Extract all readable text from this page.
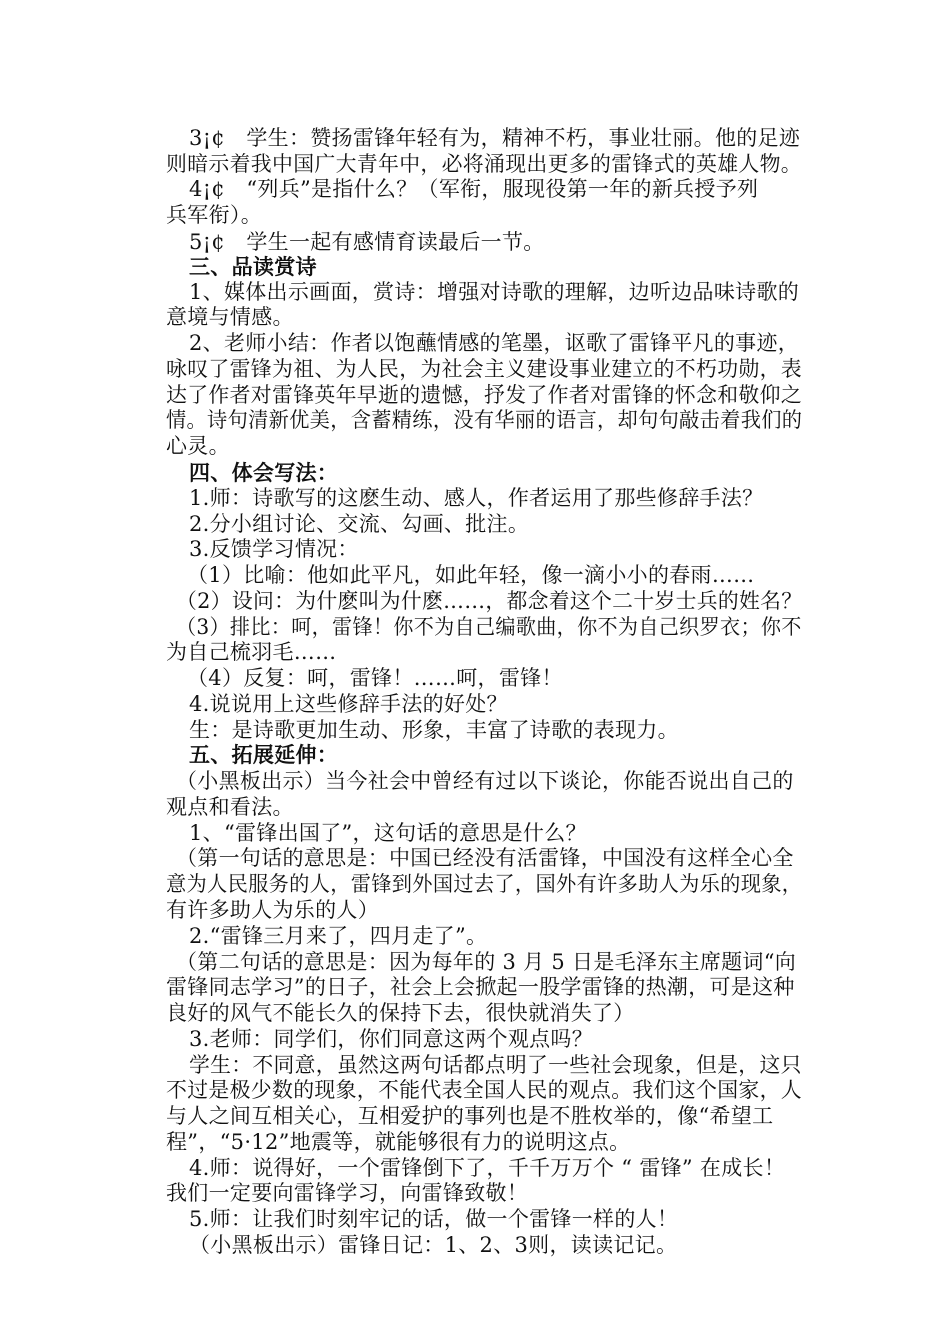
3¡¢　学生：赞扬雷锋年轻有为，精神不朽，事业壮丽。他的足迹
则暗示着我中国广大青年中，必将涌现出更多的雷锋式的英雄人物。
4¡¢　“列兵”是指什么？（军衔，服现役第一年的新兵授予列
兵军衔）。
5¡¢　学生一起有感情育读最后一节。
三、品读赏诗
1、媒体出示画面，赏诗：增强对诗歌的理解，边听边品味诗歌的
意境与情感。
2、老师小结：作者以饱蘸情感的笔墨，讴歌了雷锋平凡的事迹，
咏叹了雷锋为祖、为人民，为社会主义建设事业建立的不朽功勋，表
达了作者对雷锋英年早逝的遗憾，抒发了作者对雷锋的怀念和敬仰之
情。诗句清新优美，含蓄精练，没有华丽的语言，却句句敲击着我们的
心灵。
四、体会写法：
1.师：诗歌写的这麽生动、感人，作者运用了那些修辞手法？
2.分小组讨论、交流、勾画、批注。
3.反馈学习情况：
（1）比喻：他如此平凡，如此年轻，像一滴小小的春雨……
（2）设问：为什麽叫为什麽……，都念着这个二十岁士兵的姓名？
（3）排比：呵，雷锋！你不为自己编歌曲，你不为自己织罗衣；你不
为自己梳羽毛……
（4）反复：呵，雷锋！……呵，雷锋！
4.说说用上这些修辞手法的好处？
生：是诗歌更加生动、形象，丰富了诗歌的表现力。
五、拓展延伸：
（小黑板出示）当今社会中曾经有过以下谈论，你能否说出自己的
观点和看法。
1、“雷锋出国了”，这句话的意思是什么？
（第一句话的意思是：中国已经没有活雷锋，中国没有这样全心全
意为人民服务的人，雷锋到外国过去了，国外有许多助人为乐的现象，
有许多助人为乐的人）
2.“雷锋三月来了，四月走了”。
（第二句话的意思是：因为每年的 3 月 5 日是毛泽东主席题词“向
雷锋同志学习”的日子，社会上会掀起一股学雷锋的热潮，可是这种
良好的风气不能长久的保持下去，很快就消失了）
3.老师：同学们，你们同意这两个观点吗？
学生：不同意，虽然这两句话都点明了一些社会现象，但是，这只
不过是极少数的现象，不能代表全国人民的观点。我们这个国家，人
与人之间互相关心，互相爱护的事列也是不胜枚举的，像“希望工
程”，“5·12”地震等，就能够很有力的说明这点。
4.师：说得好，一个雷锋倒下了，千千万万个 “ 雷锋” 在成长！
我们一定要向雷锋学习，向雷锋致敬！
5.师：让我们时刻牢记的话，做一个雷锋一样的人！
（小黑板出示）雷锋日记：1、2、3则，读读记记。
